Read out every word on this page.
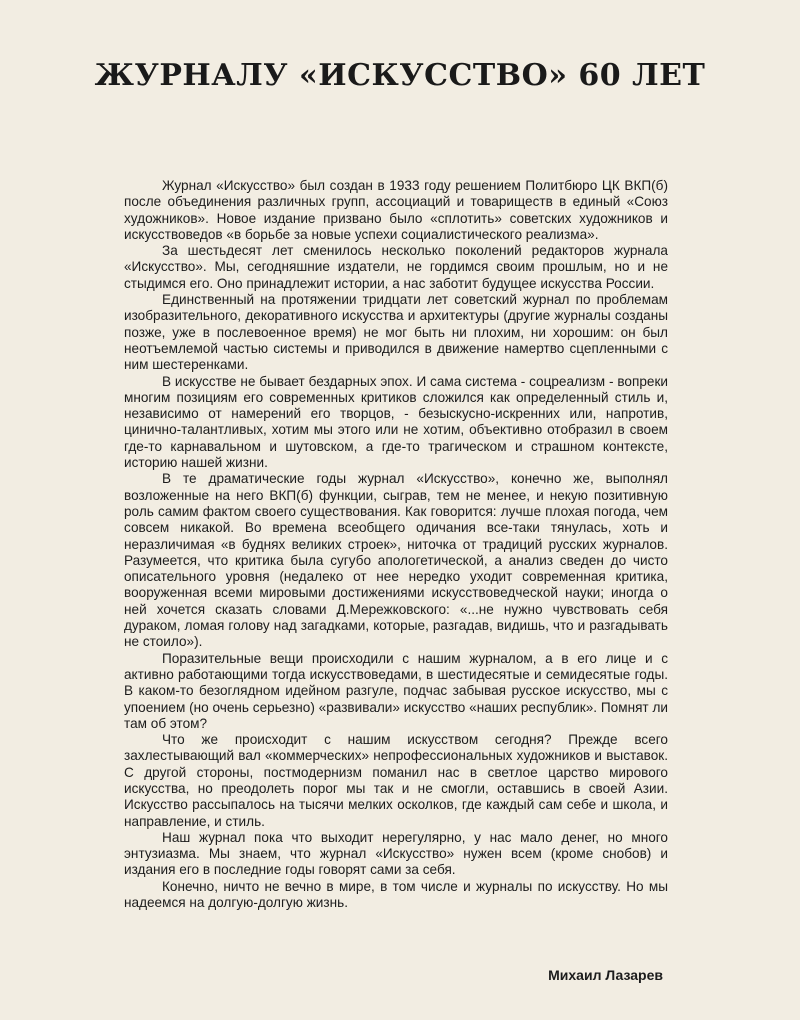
ЖУРНАЛУ «ИСКУССТВО» 60 ЛЕТ

Журнал «Искусство» был создан в 1933 году решением Политбюро ЦК ВКП(б) после объединения различных групп, ассоциаций и товариществ в единый «Союз художников». Новое издание призвано было «сплотить» советских художников и искусствоведов «в борьбе за новые успехи социалистического реализма».

За шестьдесят лет сменилось несколько поколений редакторов журнала «Искусство». Мы, сегодняшние издатели, не гордимся своим прошлым, но и не стыдимся его. Оно принадлежит истории, а нас заботит будущее искусства России.

Единственный на протяжении тридцати лет советский журнал по проблемам изобразительного, декоративного искусства и архитектуры (другие журналы созданы позже, уже в послевоенное время) не мог быть ни плохим, ни хорошим: он был неотъемлемой частью системы и приводился в движение намертво сцепленными с ним шестеренками.

В искусстве не бывает бездарных эпох. И сама система - соцреализм - вопреки многим позициям его современных критиков сложился как определенный стиль и, независимо от намерений его творцов, - безыскусно-искренних или, напротив, цинично-талантливых, хотим мы этого или не хотим, объективно отобразил в своем где-то карнавальном и шутовском, а где-то трагическом и страшном контексте, историю нашей жизни.

В те драматические годы журнал «Искусство», конечно же, выполнял возложенные на него ВКП(б) функции, сыграв, тем не менее, и некую позитивную роль самим фактом своего существования. Как говорится: лучше плохая погода, чем совсем никакой. Во времена всеобщего одичания все-таки тянулась, хоть и неразличимая «в буднях великих строек», ниточка от традиций русских журналов. Разумеется, что критика была сугубо апологетической, а анализ сведен до чисто описательного уровня (недалеко от нее нередко уходит современная критика, вооруженная всеми мировыми достижениями искусствоведческой науки; иногда о ней хочется сказать словами Д.Мережковского: «...не нужно чувствовать себя дураком, ломая голову над загадками, которые, разгадав, видишь, что и разгадывать не стоило»).

Поразительные вещи происходили с нашим журналом, а в его лице и с активно работающими тогда искусствоведами, в шестидесятые и семидесятые годы. В каком-то безоглядном идейном разгуле, подчас забывая русское искусство, мы с упоением (но очень серьезно) «развивали» искусство «наших республик». Помнят ли там об этом?

Что же происходит с нашим искусством сегодня? Прежде всего захлестывающий вал «коммерческих» непрофессиональных художников и выставок. С другой стороны, постмодернизм поманил нас в светлое царство мирового искусства, но преодолеть порог мы так и не смогли, оставшись в своей Азии. Искусство рассыпалось на тысячи мелких осколков, где каждый сам себе и школа, и направление, и стиль.

Наш журнал пока что выходит нерегулярно, у нас мало денег, но много энтузиазма. Мы знаем, что журнал «Искусство» нужен всем (кроме снобов) и издания его в последние годы говорят сами за себя.

Конечно, ничто не вечно в мире, в том числе и журналы по искусству. Но мы надеемся на долгую-долгую жизнь.

Михаил Лазарев
